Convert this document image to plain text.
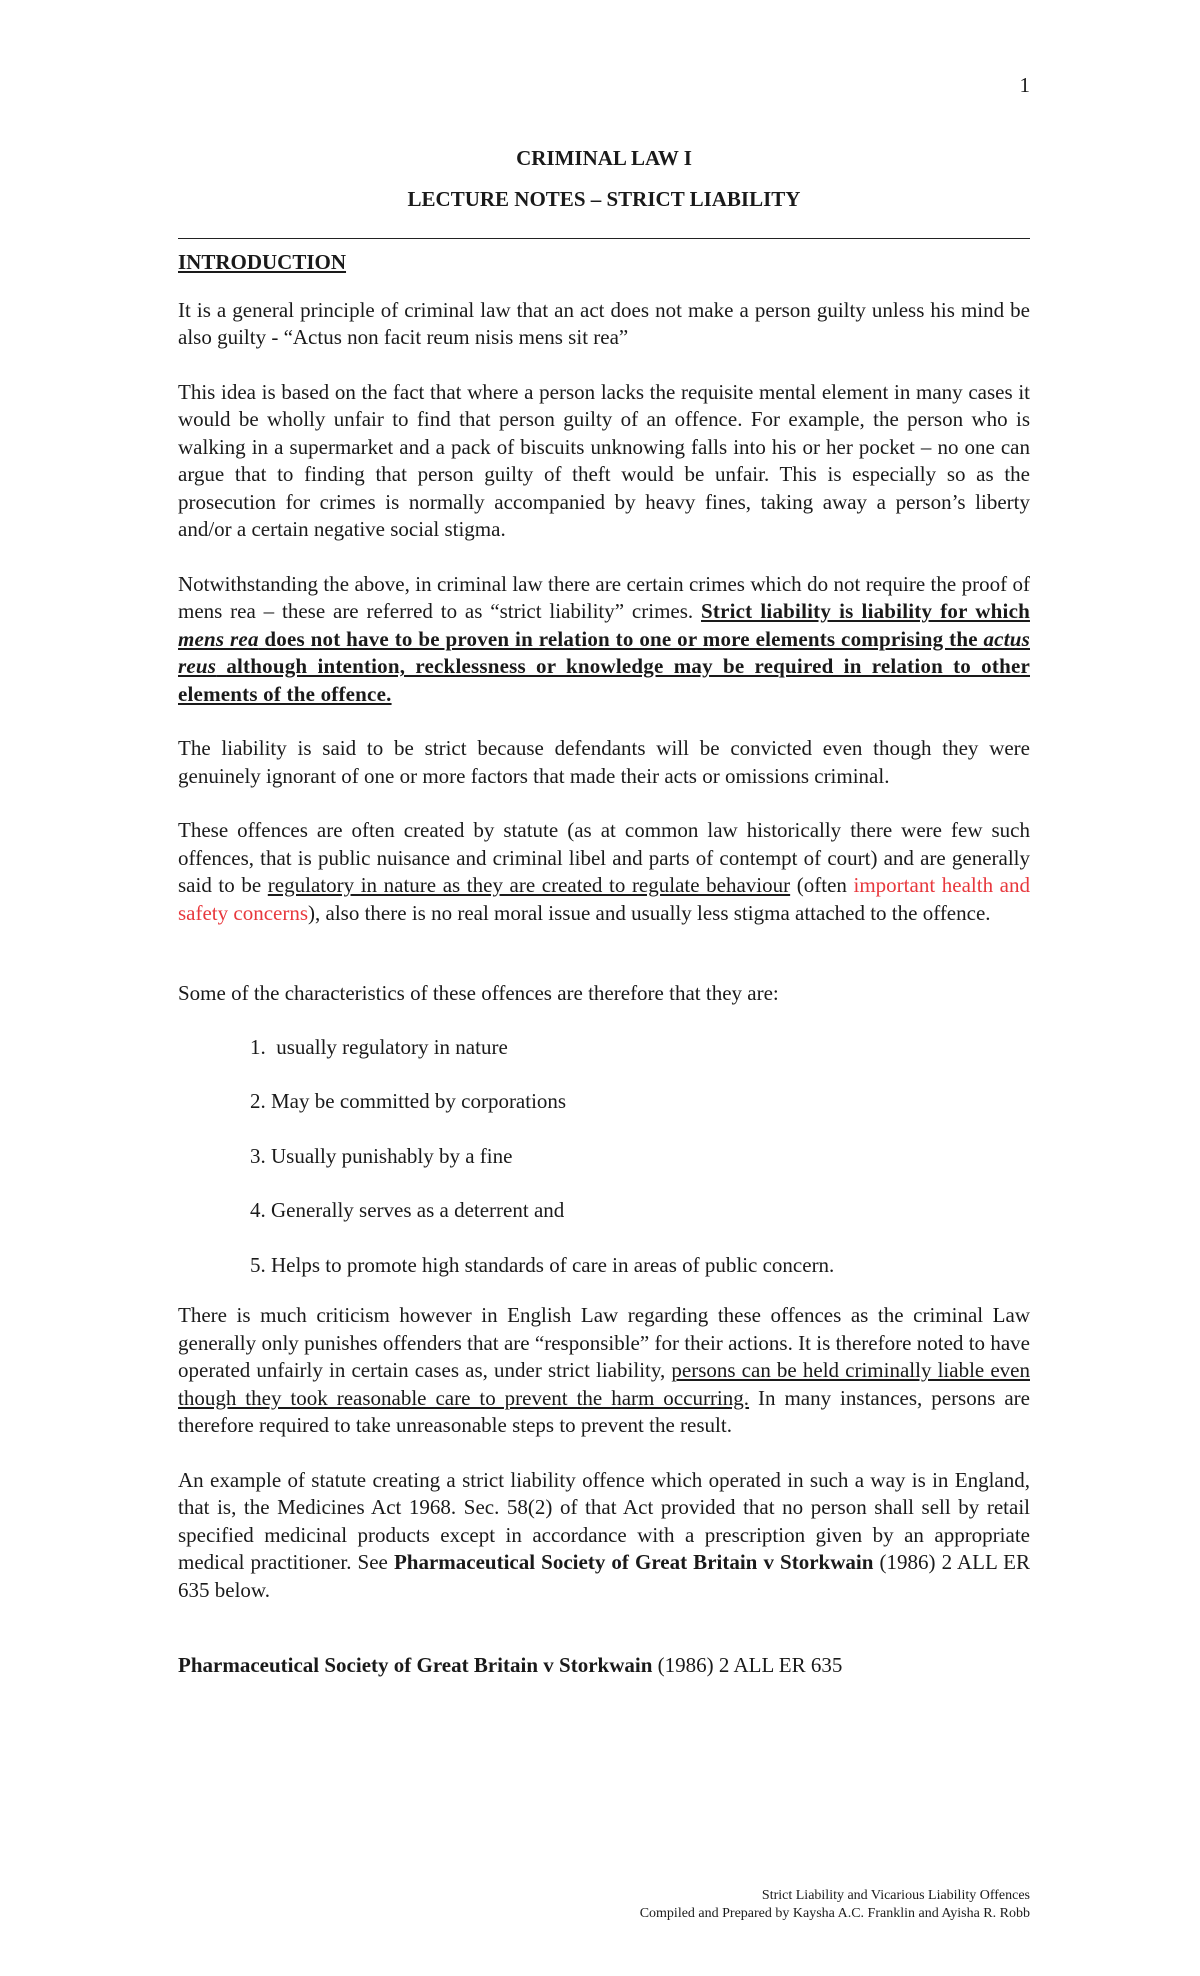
1
CRIMINAL LAW I
LECTURE NOTES – STRICT LIABILITY
INTRODUCTION

It is a general principle of criminal law that an act does not make a person guilty unless his mind be also guilty - “Actus non facit reum nisis mens sit rea”

This idea is based on the fact that where a person lacks the requisite mental element in many cases it would be wholly unfair to find that person guilty of an offence. For example, the person who is walking in a supermarket and a pack of biscuits unknowing falls into his or her pocket – no one can argue that to finding that person guilty of theft would be unfair. This is especially so as the prosecution for crimes is normally accompanied by heavy fines, taking away a person’s liberty and/or a certain negative social stigma.

Notwithstanding the above, in criminal law there are certain crimes which do not require the proof of mens rea – these are referred to as “strict liability” crimes. Strict liability is liability for which mens rea does not have to be proven in relation to one or more elements comprising the actus reus although intention, recklessness or knowledge may be required in relation to other elements of the offence.

The liability is said to be strict because defendants will be convicted even though they were genuinely ignorant of one or more factors that made their acts or omissions criminal.

These offences are often created by statute (as at common law historically there were few such offences, that is public nuisance and criminal libel and parts of contempt of court) and are generally said to be regulatory in nature as they are created to regulate behaviour (often important health and safety concerns), also there is no real moral issue and usually less stigma attached to the offence.

Some of the characteristics of these offences are therefore that they are:

1.  usually regulatory in nature
2. May be committed by corporations
3. Usually punishably by a fine
4. Generally serves as a deterrent and
5. Helps to promote high standards of care in areas of public concern.

There is much criticism however in English Law regarding these offences as the criminal Law generally only punishes offenders that are “responsible” for their actions. It is therefore noted to have operated unfairly in certain cases as, under strict liability, persons can be held criminally liable even though they took reasonable care to prevent the harm occurring. In many instances, persons are therefore required to take unreasonable steps to prevent the result.

An example of statute creating a strict liability offence which operated in such a way is in England, that is, the Medicines Act 1968. Sec. 58(2) of that Act provided that no person shall sell by retail specified medicinal products except in accordance with a prescription given by an appropriate medical practitioner. See Pharmaceutical Society of Great Britain v Storkwain (1986) 2 ALL ER 635 below.

Pharmaceutical Society of Great Britain v Storkwain (1986) 2 ALL ER 635

Strict Liability and Vicarious Liability Offences
Compiled and Prepared by Kaysha A.C. Franklin and Ayisha R. Robb
